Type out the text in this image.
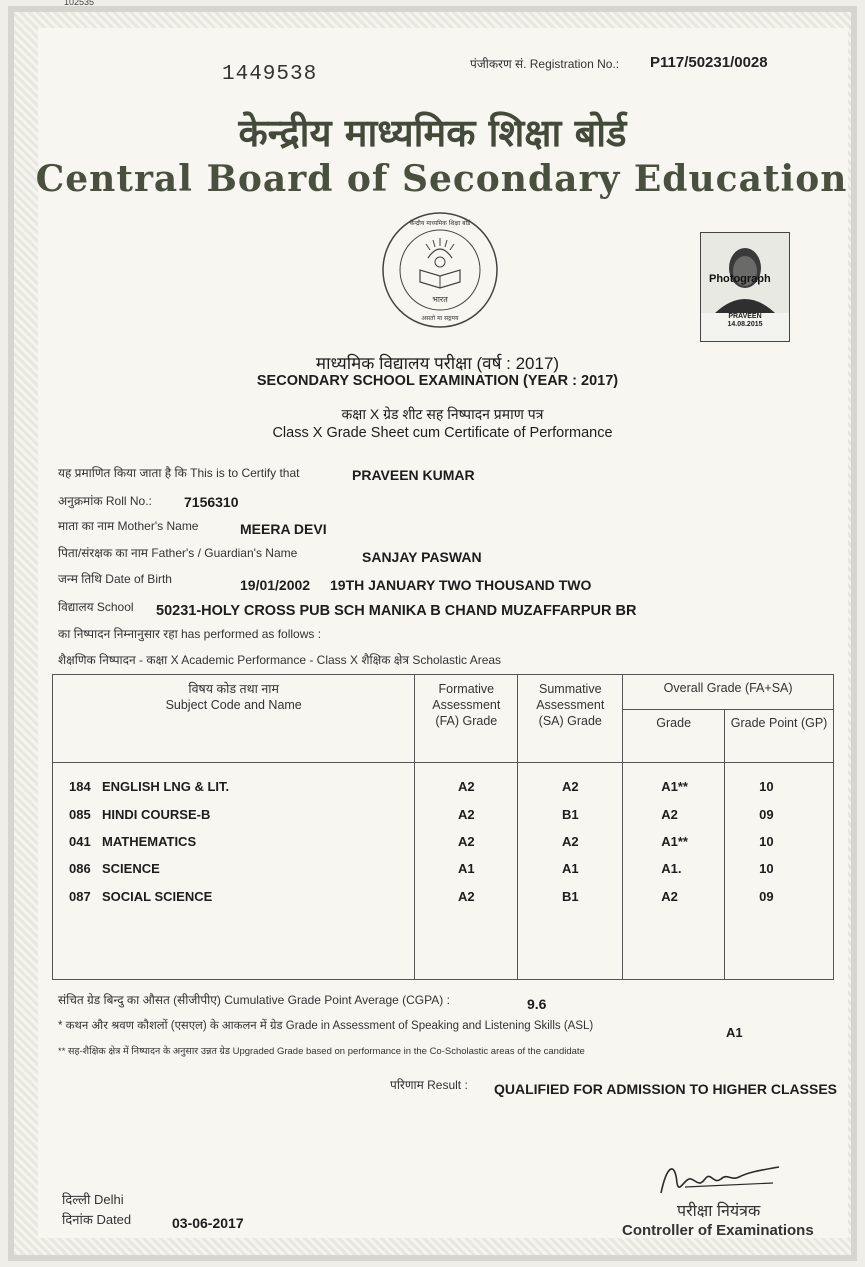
102535
1449538	पंजीकरण सं. Registration No.: P117/50231/0028
केन्द्रीय माध्यमिक शिक्षा बोर्ड
Central Board of Secondary Education
भारत
केन्द्रीय माध्यमिक शिक्षा बोर्ड
असतो मा सद्गमय
Photograph
PRAVEEN
14.08.2015
माध्यमिक विद्यालय परीक्षा (वर्ष : 2017)
SECONDARY SCHOOL EXAMINATION (YEAR : 2017)
कक्षा X ग्रेड शीट सह निष्पादन प्रमाण पत्र
Class X Grade Sheet cum Certificate of Performance
यह प्रमाणित किया जाता है कि This is to Certify that	PRAVEEN KUMAR
अनुक्रमांक Roll No.: 7156310
माता का नाम Mother's Name	MEERA DEVI
पिता/संरक्षक का नाम Father's / Guardian's Name	SANJAY PASWAN
जन्म तिथि Date of Birth	19/01/2002 19TH JANUARY TWO THOUSAND TWO
विद्यालय School 50231-HOLY CROSS PUB SCH MANIKA B CHAND MUZAFFARPUR BR
का निष्पादन निम्नानुसार रहा has performed as follows :
शैक्षणिक निष्पादन - कक्षा X Academic Performance - Class X शैक्षिक क्षेत्र Scholastic Areas
विषय कोड तथा नाम
Subject Code and Name	Formative Assessment (FA) Grade	Summative Assessment (SA) Grade	Overall Grade (FA+SA)	
			Grade	Grade Point (GP)

184 ENGLISH LNG & LIT.	A2	A2	A1**	10
085 HINDI COURSE-B	A2	B1	A2	09
041 MATHEMATICS	A2	A2	A1**	10
086 SCIENCE	A1	A1	A1.	10
087 SOCIAL SCIENCE	A2	B1	A2	09

संचित ग्रेड बिन्दु का औसत (सीजीपीए) Cumulative Grade Point Average (CGPA) :	9.6
* कथन और श्रवण कौशलों (एसएल) के आकलन में ग्रेड Grade in Assessment of Speaking and Listening Skills (ASL)	A1
** सह-शैक्षिक क्षेत्र में निष्पादन के अनुसार उन्नत ग्रेड Upgraded Grade based on performance in the Co-Scholastic areas of the candidate
परिणाम Result : QUALIFIED FOR ADMISSION TO HIGHER CLASSES
परीक्षा नियंत्रक
Controller of Examinations
दिल्ली Delhi
दिनांक Dated	03-06-2017
